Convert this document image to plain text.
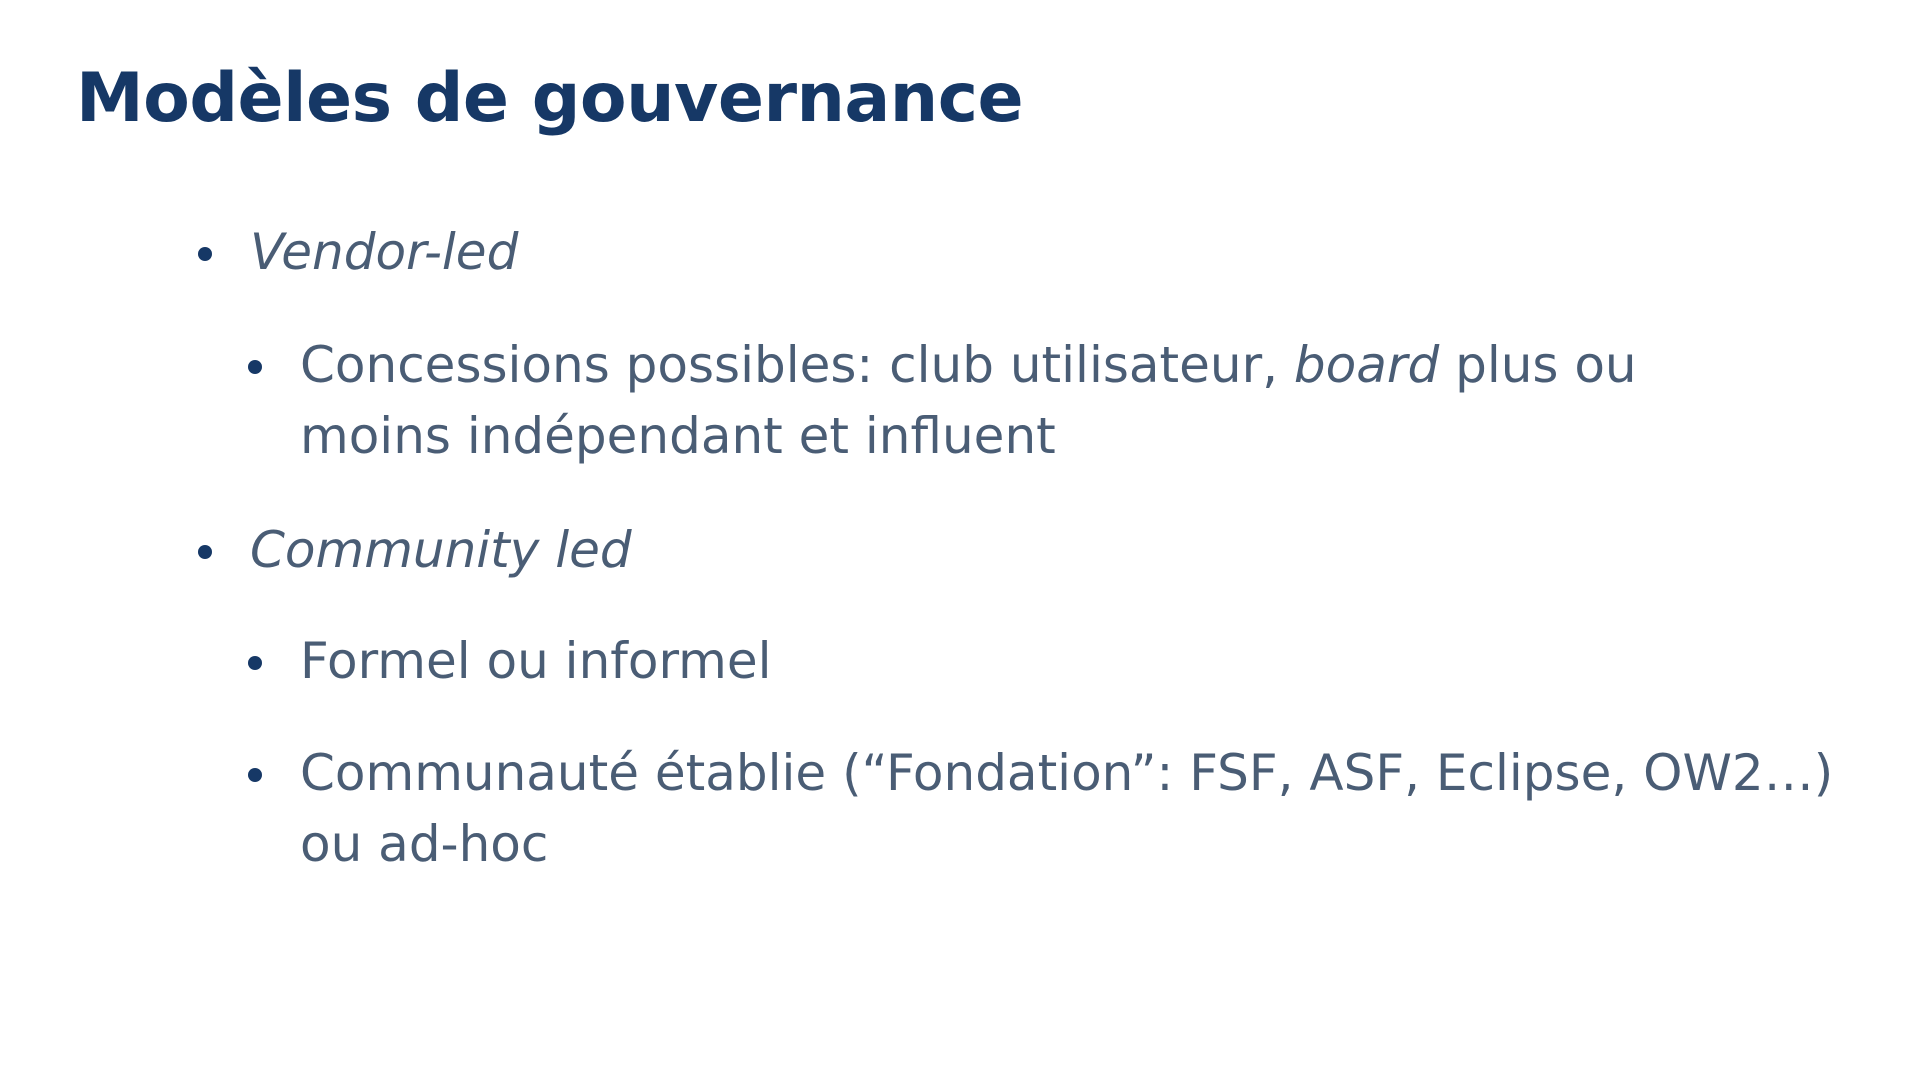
Modèles de gouvernance
Vendor-led
Concessions possibles: club utilisateur, board plus ou
moins indépendant et influent
Community led
Formel ou informel
Communauté établie (“Fondation”: FSF, ASF, Eclipse, OW2…)
ou ad-hoc
